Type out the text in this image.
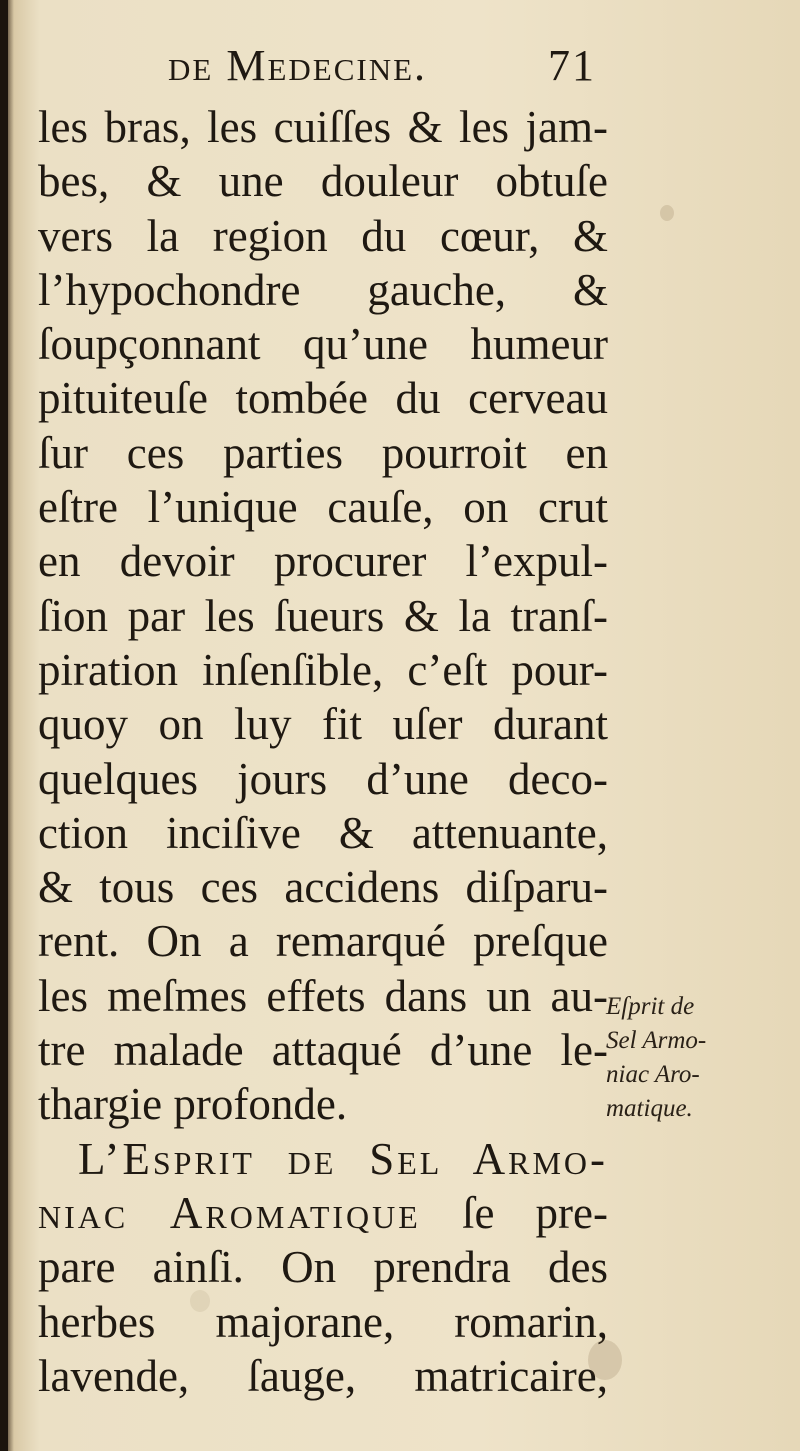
de Medecine.	71
les bras, les cuiſſes & les jam-
bes, & une douleur obtuſe
vers la region du cœur, &
l’hypochondre gauche, &
ſoupçonnant qu’une humeur
pituiteuſe tombée du cerveau
ſur ces parties pourroit en
eſtre l’unique cauſe, on crut
en devoir procurer l’expul-
ſion par les ſueurs & la tranſ-
piration inſenſible, c’eſt pour-
quoy on luy fit uſer durant
quelques jours d’une deco-
ction inciſive & attenuante,
& tous ces accidens diſparu-
rent. On a remarqué preſque
les meſmes effets dans un au-
tre malade attaqué d’une le-
thargie profonde.
L’Esprit de Sel Armo-
niac Aromatique ſe pre-
pare ainſi. On prendra des
herbes majorane, romarin,
lavende, ſauge, matricaire,
Eſprit de
Sel Armo-
niac Aro-
matique.
